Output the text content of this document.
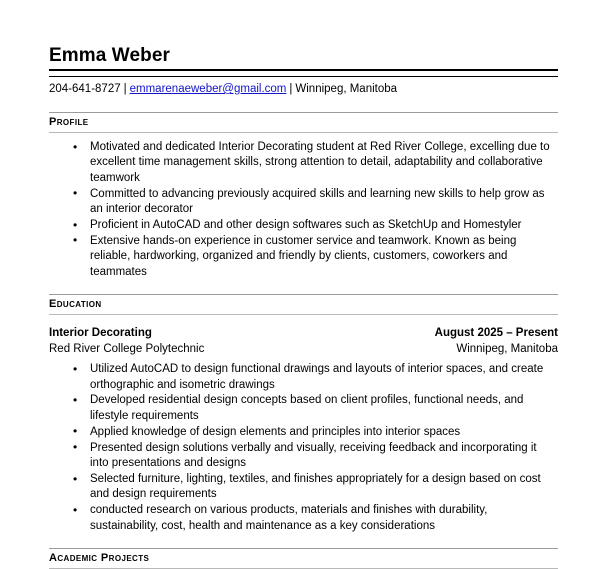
Emma Weber
204-641-8727 | emmarenaeweber@gmail.com | Winnipeg, Manitoba
Profile
• Motivated and dedicated Interior Decorating student at Red River College, excelling due to excellent time management skills, strong attention to detail, adaptability and collaborative teamwork
• Committed to advancing previously acquired skills and learning new skills to help grow as an interior decorator
• Proficient in AutoCAD and other design softwares such as SketchUp and Homestyler
• Extensive hands-on experience in customer service and teamwork. Known as being reliable, hardworking, organized and friendly by clients, customers, coworkers and teammates
Education
Interior Decorating	August 2025 – Present
Red River College Polytechnic	Winnipeg, Manitoba
• Utilized AutoCAD to design functional drawings and layouts of interior spaces, and create orthographic and isometric drawings
• Developed residential design concepts based on client profiles, functional needs, and lifestyle requirements
• Applied knowledge of design elements and principles into interior spaces
• Presented design solutions verbally and visually, receiving feedback and incorporating it into presentations and designs
• Selected furniture, lighting, textiles, and finishes appropriately for a design based on cost and design requirements
• conducted research on various products, materials and finishes with durability, sustainability, cost, health and maintenance as a key considerations
Academic Projects
